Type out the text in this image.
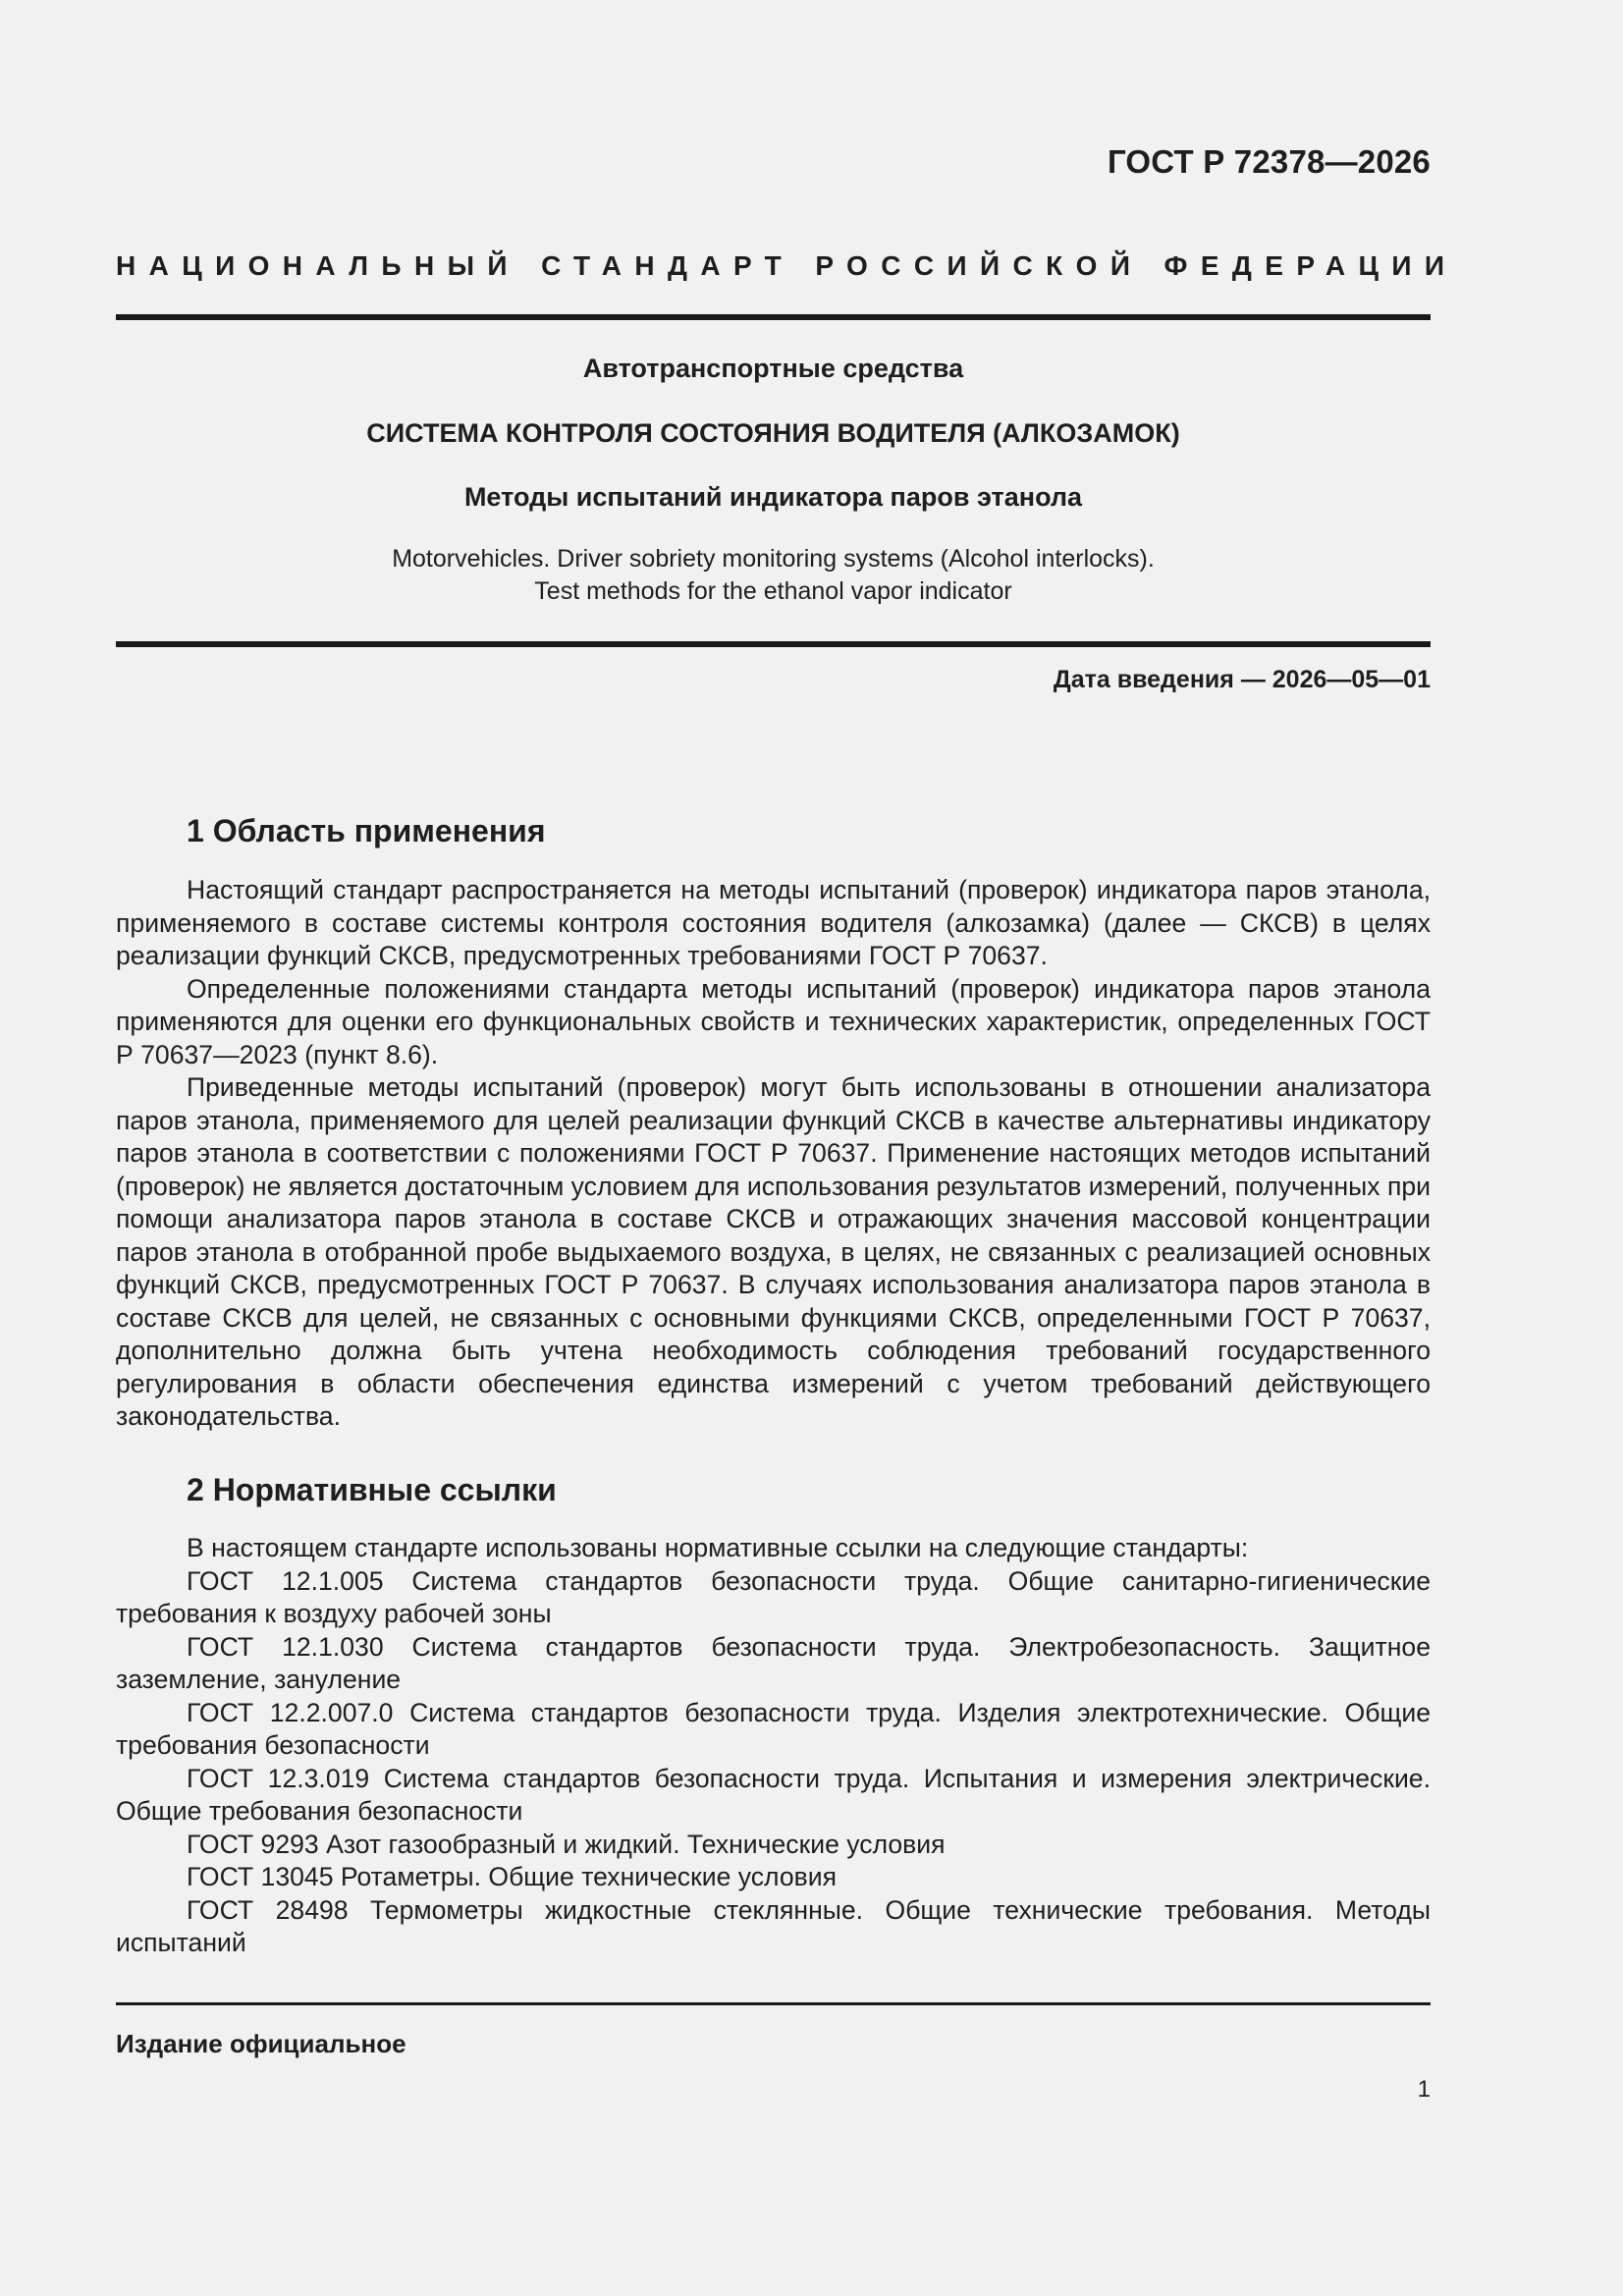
ГОСТ Р 72378—2026
НАЦИОНАЛЬНЫЙ СТАНДАРТ РОССИЙСКОЙ ФЕДЕРАЦИИ
Автотранспортные средства
СИСТЕМА КОНТРОЛЯ СОСТОЯНИЯ ВОДИТЕЛЯ (АЛКОЗАМОК)
Методы испытаний индикатора паров этанола
Motorvehicles. Driver sobriety monitoring systems (Alcohol interlocks).
Test methods for the ethanol vapor indicator
Дата введения — 2026—05—01
1 Область применения

Настоящий стандарт распространяется на методы испытаний (проверок) индикатора паров этанола, применяемого в составе системы контроля состояния водителя (алкозамка) (далее — СКСВ) в целях реализации функций СКСВ, предусмотренных требованиями ГОСТ Р 70637.

Определенные положениями стандарта методы испытаний (проверок) индикатора паров этанола применяются для оценки его функциональных свойств и технических характеристик, определенных ГОСТ Р 70637—2023 (пункт 8.6).

Приведенные методы испытаний (проверок) могут быть использованы в отношении анализатора паров этанола, применяемого для целей реализации функций СКСВ в качестве альтернативы индикатору паров этанола в соответствии с положениями ГОСТ Р 70637. Применение настоящих методов испытаний (проверок) не является достаточным условием для использования результатов измерений, полученных при помощи анализатора паров этанола в составе СКСВ и отражающих значения массовой концентрации паров этанола в отобранной пробе выдыхаемого воздуха, в целях, не связанных с реализацией основных функций СКСВ, предусмотренных ГОСТ Р 70637. В случаях использования анализатора паров этанола в составе СКСВ для целей, не связанных с основными функциями СКСВ, определенными ГОСТ Р 70637, дополнительно должна быть учтена необходимость соблюдения требований государственного регулирования в области обеспечения единства измерений с учетом требований действующего законодательства.

2 Нормативные ссылки

В настоящем стандарте использованы нормативные ссылки на следующие стандарты:

ГОСТ 12.1.005 Система стандартов безопасности труда. Общие санитарно-гигиенические требования к воздуху рабочей зоны

ГОСТ 12.1.030 Система стандартов безопасности труда. Электробезопасность. Защитное заземление, зануление

ГОСТ 12.2.007.0 Система стандартов безопасности труда. Изделия электротехнические. Общие требования безопасности

ГОСТ 12.3.019 Система стандартов безопасности труда. Испытания и измерения электрические. Общие требования безопасности

ГОСТ 9293 Азот газообразный и жидкий. Технические условия

ГОСТ 13045 Ротаметры. Общие технические условия

ГОСТ 28498 Термометры жидкостные стеклянные. Общие технические требования. Методы испытаний

Издание официальное
1
